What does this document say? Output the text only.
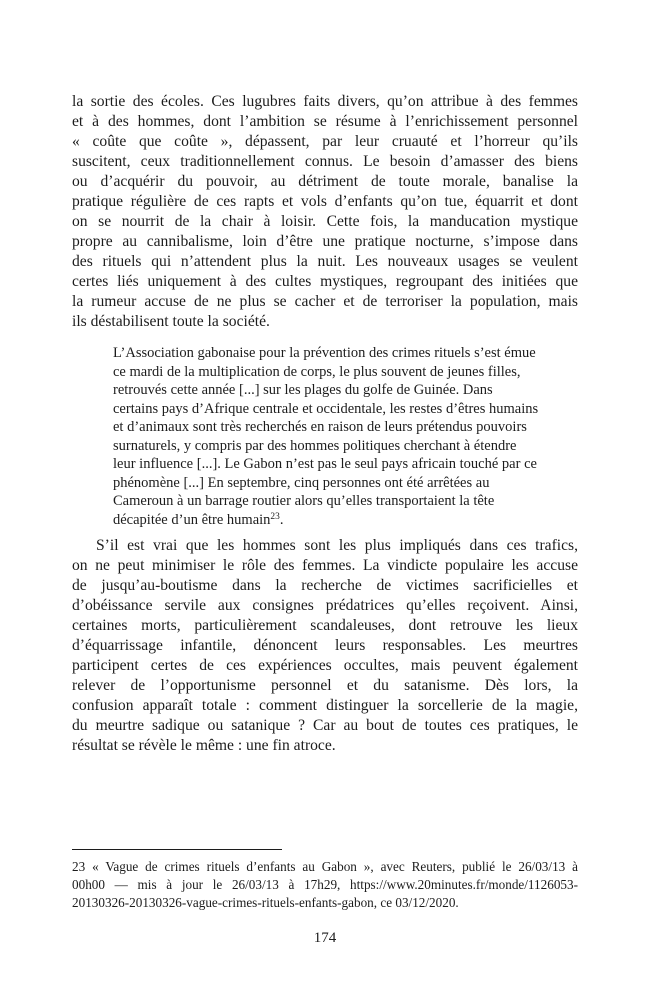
la sortie des écoles. Ces lugubres faits divers, qu’on attribue à des femmes
et à des hommes, dont l’ambition se résume à l’enrichissement personnel
« coûte que coûte », dépassent, par leur cruauté et l’horreur qu’ils
suscitent, ceux traditionnellement connus. Le besoin d’amasser des biens
ou d’acquérir du pouvoir, au détriment de toute morale, banalise la
pratique régulière de ces rapts et vols d’enfants qu’on tue, équarrit et dont
on se nourrit de la chair à loisir. Cette fois, la manducation mystique
propre au cannibalisme, loin d’être une pratique nocturne, s’impose dans
des rituels qui n’attendent plus la nuit. Les nouveaux usages se veulent
certes liés uniquement à des cultes mystiques, regroupant des initiées que
la rumeur accuse de ne plus se cacher et de terroriser la population, mais
ils déstabilisent toute la société.
L’Association gabonaise pour la prévention des crimes rituels s’est émue
ce mardi de la multiplication de corps, le plus souvent de jeunes filles,
retrouvés cette année [...] sur les plages du golfe de Guinée. Dans
certains pays d’Afrique centrale et occidentale, les restes d’êtres humains
et d’animaux sont très recherchés en raison de leurs prétendus pouvoirs
surnaturels, y compris par des hommes politiques cherchant à étendre
leur influence [...]. Le Gabon n’est pas le seul pays africain touché par ce
phénomène [...] En septembre, cinq personnes ont été arrêtées au
Cameroun à un barrage routier alors qu’elles transportaient la tête
décapitée d’un être humain$^{23}$.
S’il est vrai que les hommes sont les plus impliqués dans ces trafics,
on ne peut minimiser le rôle des femmes. La vindicte populaire les accuse
de jusqu’au-boutisme dans la recherche de victimes sacrificielles et
d’obéissance servile aux consignes prédatrices qu’elles reçoivent. Ainsi,
certaines morts, particulièrement scandaleuses, dont retrouve les lieux
d’équarrissage infantile, dénoncent leurs responsables. Les meurtres
participent certes de ces expériences occultes, mais peuvent également
relever de l’opportunisme personnel et du satanisme. Dès lors, la
confusion apparaît totale : comment distinguer la sorcellerie de la magie,
du meurtre sadique ou satanique ? Car au bout de toutes ces pratiques, le
résultat se révèle le même : une fin atroce.
23 « Vague de crimes rituels d’enfants au Gabon », avec Reuters, publié le 26/03/13 à
00h00 — mis à jour le 26/03/13 à 17h29, https://www.20minutes.fr/monde/1126053-
20130326-20130326-vague-crimes-rituels-enfants-gabon, ce 03/12/2020.
174
